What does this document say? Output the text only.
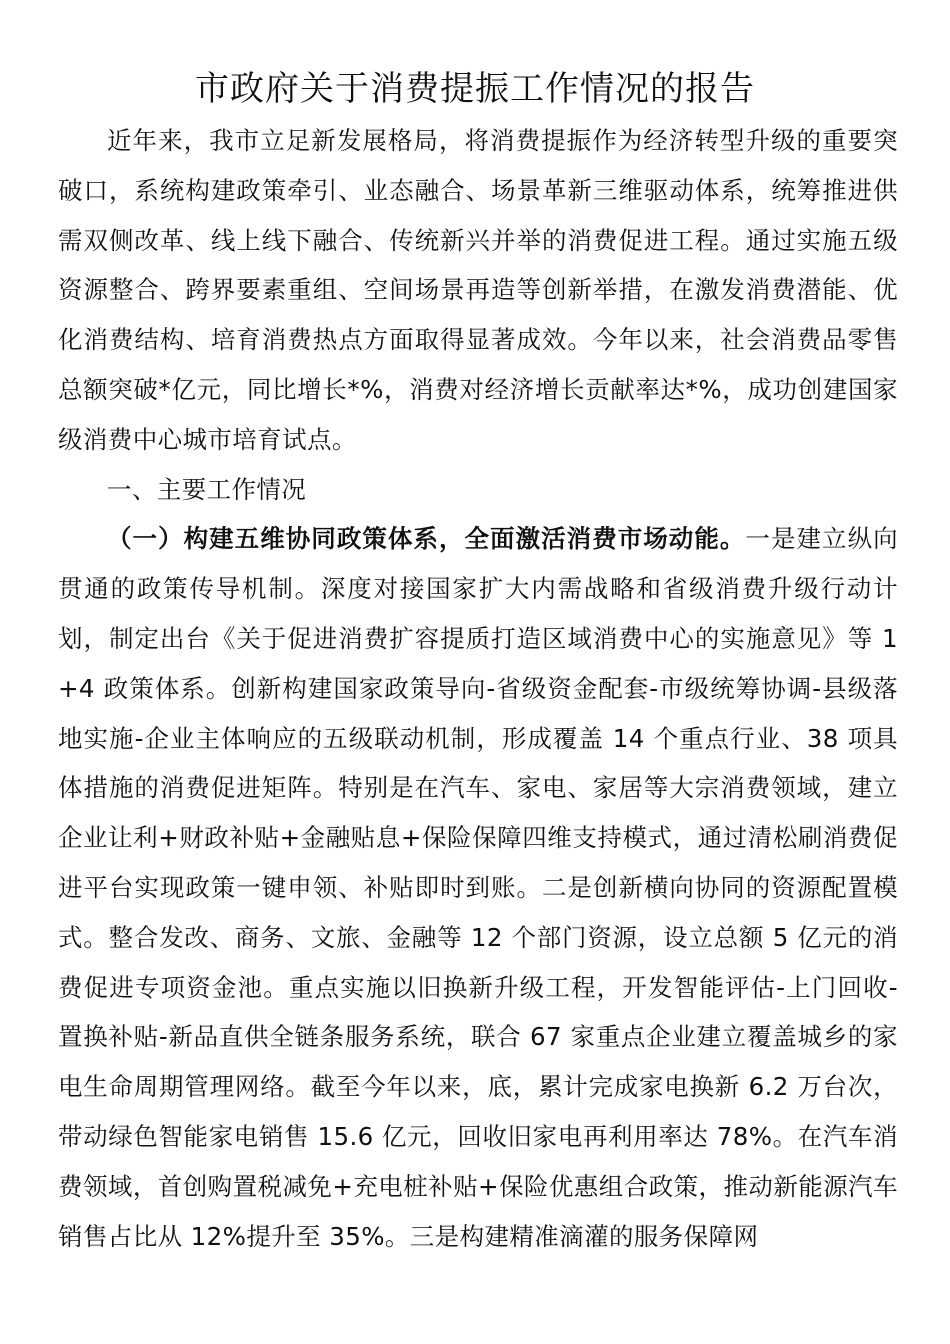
市政府关于消费提振工作情况的报告

近年来，我市立足新发展格局，将消费提振作为经济转型升级的重要突破口，系统构建政策牵引、业态融合、场景革新三维驱动体系，统筹推进供需双侧改革、线上线下融合、传统新兴并举的消费促进工程。通过实施五级资源整合、跨界要素重组、空间场景再造等创新举措，在激发消费潜能、优化消费结构、培育消费热点方面取得显著成效。今年以来，社会消费品零售总额突破*亿元，同比增长*%，消费对经济增长贡献率达*%，成功创建国家级消费中心城市培育试点。

一、主要工作情况

（一）构建五维协同政策体系，全面激活消费市场动能。一是建立纵向贯通的政策传导机制。深度对接国家扩大内需战略和省级消费升级行动计划，制定出台《关于促进消费扩容提质打造区域消费中心的实施意见》等 1+4 政策体系。创新构建国家政策导向-省级资金配套-市级统筹协调-县级落地实施-企业主体响应的五级联动机制，形成覆盖 14 个重点行业、38 项具体措施的消费促进矩阵。特别是在汽车、家电、家居等大宗消费领域，建立企业让利+财政补贴+金融贴息+保险保障四维支持模式，通过清松刷消费促进平台实现政策一键申领、补贴即时到账。二是创新横向协同的资源配置模式。整合发改、商务、文旅、金融等 12 个部门资源，设立总额 5 亿元的消费促进专项资金池。重点实施以旧换新升级工程，开发智能评估-上门回收-置换补贴-新品直供全链条服务系统，联合 67 家重点企业建立覆盖城乡的家电生命周期管理网络。截至今年以来，底，累计完成家电换新 6.2 万台次，带动绿色智能家电销售 15.6 亿元，回收旧家电再利用率达 78%。在汽车消费领域，首创购置税减免+充电桩补贴+保险优惠组合政策，推动新能源汽车销售占比从 12%提升至 35%。三是构建精准滴灌的服务保障网
